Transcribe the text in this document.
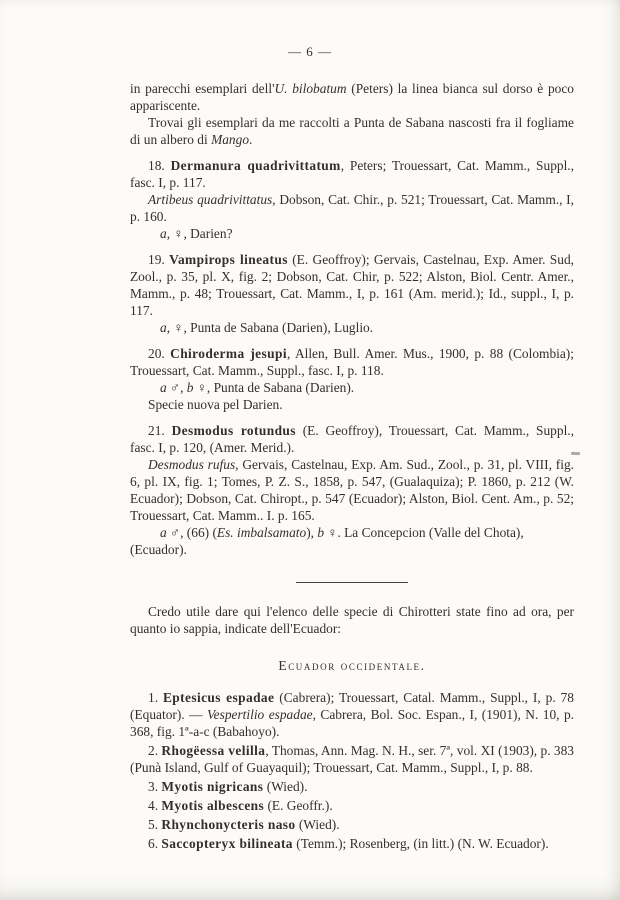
— 6 —

in parecchi esemplari dell'U. bilobatum (Peters) la linea bianca sul dorso è poco appariscente.

Trovai gli esemplari da me raccolti a Punta de Sabana nascosti fra il fogliame di un albero di Mango.

18. Dermanura quadrivittatum, Peters; Trouessart, Cat. Mamm., Suppl., fasc. I, p. 117.

Artibeus quadrivittatus, Dobson, Cat. Chir., p. 521; Trouessart, Cat. Mamm., I, p. 160.

a, ♀, Darien?

19. Vampirops lineatus (E. Geoffroy); Gervais, Castelnau, Exp. Amer. Sud, Zool., p. 35, pl. X, fig. 2; Dobson, Cat. Chir, p. 522; Alston, Biol. Centr. Amer., Mamm., p. 48; Trouessart, Cat. Mamm., I, p. 161 (Am. merid.); Id., suppl., I, p. 117.

a, ♀, Punta de Sabana (Darien), Luglio.

20. Chiroderma jesupi, Allen, Bull. Amer. Mus., 1900, p. 88 (Colombia); Trouessart, Cat. Mamm., Suppl., fasc. I, p. 118.

a ♂, b ♀, Punta de Sabana (Darien).

Specie nuova pel Darien.

21. Desmodus rotundus (E. Geoffroy), Trouessart, Cat. Mamm., Suppl., fasc. I, p. 120, (Amer. Merid.).

Desmodus rufus, Gervais, Castelnau, Exp. Am. Sud., Zool., p. 31, pl. VIII, fig. 6, pl. IX, fig. 1; Tomes, P. Z. S., 1858, p. 547, (Gualaquiza); P. 1860, p. 212 (W. Ecuador); Dobson, Cat. Chiropt., p. 547 (Ecuador); Alston, Biol. Cent. Am., p. 52; Trouessart, Cat. Mamm.. I. p. 165.

a ♂, (66) (Es. imbalsamato), b ♀. La Concepcion (Valle del Chota), (Ecuador).

Credo utile dare qui l'elenco delle specie di Chirotteri state fino ad ora, per quanto io sappia, indicate dell'Ecuador:

Ecuador occidentale.

1. Eptesicus espadae (Cabrera); Trouessart, Catal. Mamm., Suppl., I, p. 78 (Equator). — Vespertilio espadae, Cabrera, Bol. Soc. Espan., I, (1901), N. 10, p. 368, fig. 1ª-a-c (Babahoyo).

2. Rhogëessa velilla, Thomas, Ann. Mag. N. H., ser. 7ª, vol. XI (1903), p. 383 (Punà Island, Gulf of Guayaquil); Trouessart, Cat. Mamm., Suppl., I, p. 88.

3. Myotis nigricans (Wied).

4. Myotis albescens (E. Geoffr.).

5. Rhynchonycteris naso (Wied).

6. Saccopteryx bilineata (Temm.); Rosenberg, (in litt.) (N. W. Ecuador).
